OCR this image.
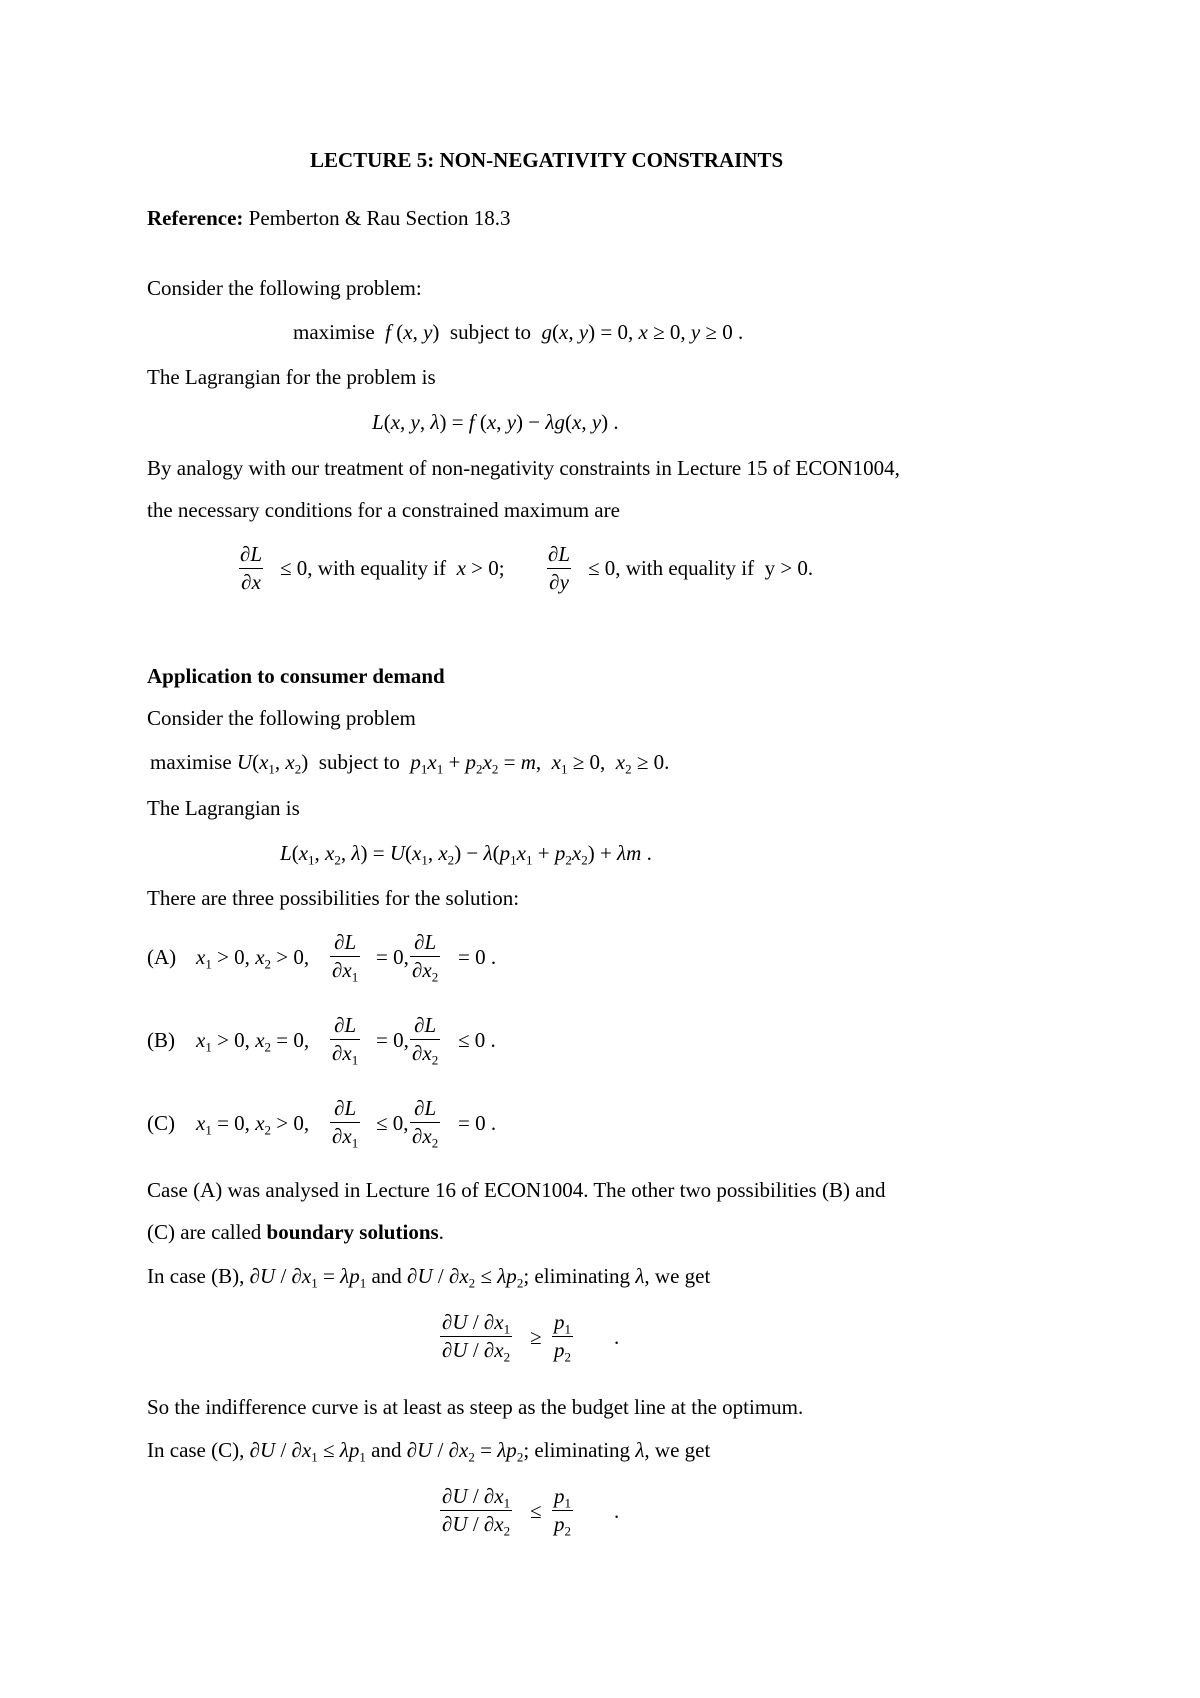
LECTURE 5: NON-NEGATIVITY CONSTRAINTS
Reference: Pemberton & Rau Section 18.3
Consider the following problem:
maximise f (x, y)  subject to g(x, y) = 0, x ≥ 0, y ≥ 0 .
The Lagrangian for the problem is
L(x, y, λ) = f (x, y) − λg(x, y) .
By analogy with our treatment of non-negativity constraints in Lecture 15 of ECON1004,
the necessary conditions for a constrained maximum are
$\frac{\partial L}{\partial x} \le 0$, with equality if x > 0; $\frac{\partial L}{\partial y} \le 0$, with equality if  y > 0.
Application to consumer demand
Consider the following problem
maximise $U(x_1$, $x_2$)  subject to $p_1x_1 + p_2x_2 = m$,  $x_1 \ge 0$,  $x_2 \ge 0$.
The Lagrangian is
$L(x_1$, $x_2$, $\lambda) = U(x_1$, $x_2) - \lambda(p_1x_1 + p_2x_2) + \lambda m$ .
There are three possibilities for the solution:
(A) $x_1 > 0$, $x_2 > 0$, $\frac{\partial L}{\partial x_1} = 0$, $\frac{\partial L}{\partial x_2} = 0$ .
(B) $x_1 > 0$, $x_2 = 0$, $\frac{\partial L}{\partial x_1} = 0$, $\frac{\partial L}{\partial x_2} \le 0$ .
(C) $x_1 = 0$, $x_2 > 0$, $\frac{\partial L}{\partial x_1} \le 0$, $\frac{\partial L}{\partial x_2} = 0$ .
Case (A) was analysed in Lecture 16 of ECON1004. The other two possibilities (B) and
(C) are called boundary solutions.
In case (B), $\partial U / \partial x_1 = \lambda p_1$ and $\partial U / \partial x_2 \le \lambda p_2$; eliminating λ, we get
$\frac{\partial U / \partial x_1}{\partial U / \partial x_2} \ge \frac{p_1}{p_2}$ .
So the indifference curve is at least as steep as the budget line at the optimum.
In case (C), $\partial U / \partial x_1 \le \lambda p_1$ and $\partial U / \partial x_2 = \lambda p_2$; eliminating λ, we get
$\frac{\partial U / \partial x_1}{\partial U / \partial x_2} \le \frac{p_1}{p_2}$ .
